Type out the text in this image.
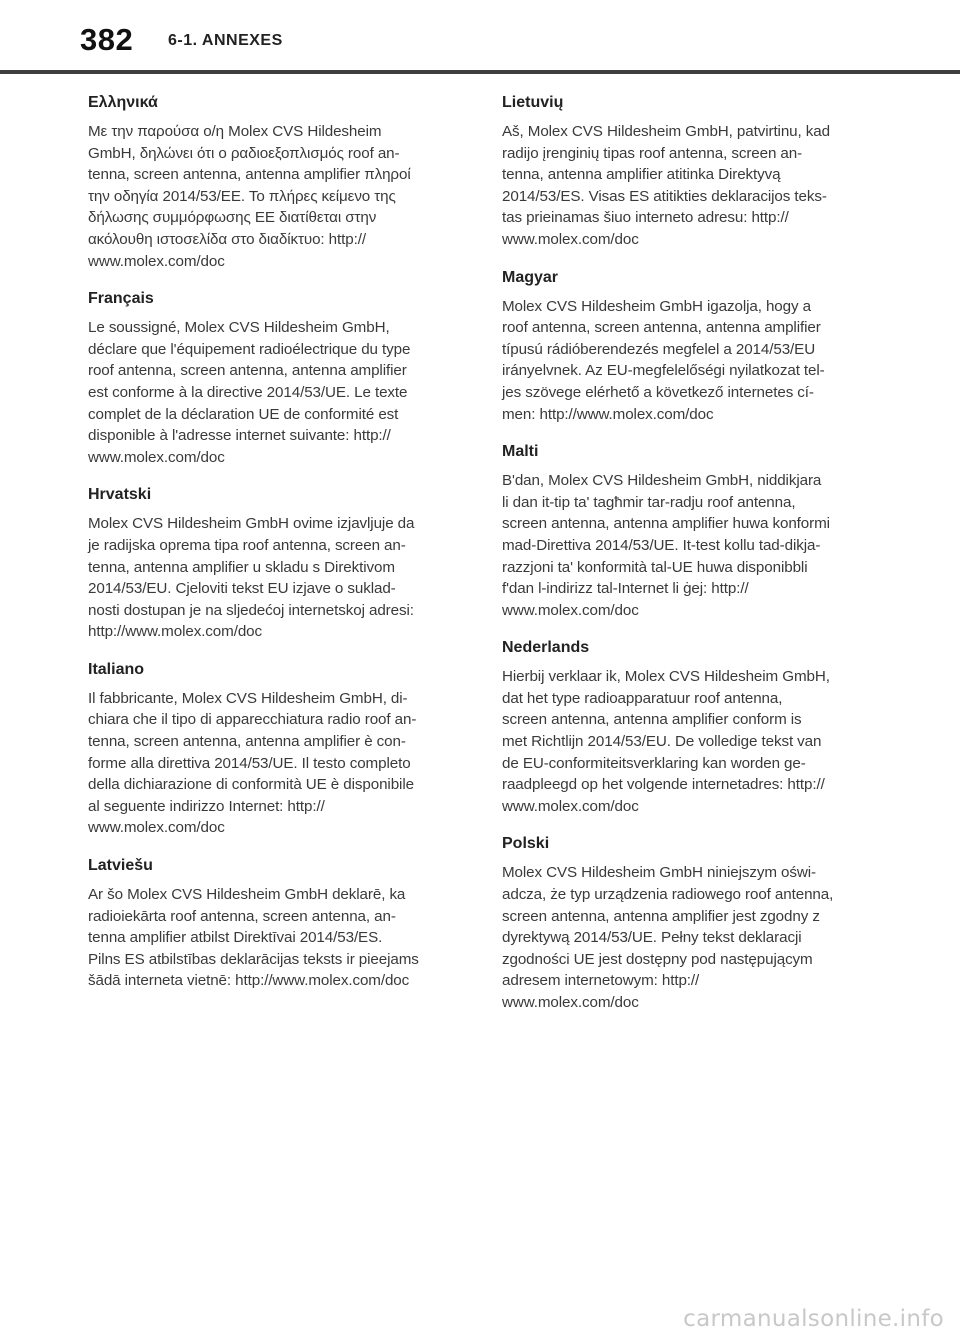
382 6-1. ANNEXES

Ελληνικά

Με την παρούσα ο/η Molex CVS Hildesheim
GmbH, δηλώνει ότι ο ραδιοεξοπλισμός roof an-
tenna, screen antenna, antenna amplifier πληροί
την οδηγία 2014/53/ΕΕ. Το πλήρες κείμενο της
δήλωσης συμμόρφωσης ΕΕ διατίθεται στην
ακόλουθη ιστοσελίδα στο διαδίκτυο: http://
www.molex.com/doc

Français

Le soussigné, Molex CVS Hildesheim GmbH,
déclare que l'équipement radioélectrique du type
roof antenna, screen antenna, antenna amplifier
est conforme à la directive 2014/53/UE. Le texte
complet de la déclaration UE de conformité est
disponible à l'adresse internet suivante: http://
www.molex.com/doc

Hrvatski

Molex CVS Hildesheim GmbH ovime izjavljuje da
je radijska oprema tipa roof antenna, screen an-
tenna, antenna amplifier u skladu s Direktivom
2014/53/EU. Cjeloviti tekst EU izjave o suklad-
nosti dostupan je na sljedećoj internetskoj adresi:
http://www.molex.com/doc

Italiano

Il fabbricante, Molex CVS Hildesheim GmbH, di-
chiara che il tipo di apparecchiatura radio roof an-
tenna, screen antenna, antenna amplifier è con-
forme alla direttiva 2014/53/UE. Il testo completo
della dichiarazione di conformità UE è disponibile
al seguente indirizzo Internet: http://
www.molex.com/doc

Latviešu

Ar šo Molex CVS Hildesheim GmbH deklarē, ka
radioiekārta roof antenna, screen antenna, an-
tenna amplifier atbilst Direktīvai 2014/53/ES.
Pilns ES atbilstības deklarācijas teksts ir pieejams
šādā interneta vietnē: http://www.molex.com/doc

Lietuvių

Aš, Molex CVS Hildesheim GmbH, patvirtinu, kad
radijo įrenginių tipas roof antenna, screen an-
tenna, antenna amplifier atitinka Direktyvą
2014/53/ES. Visas ES atitikties deklaracijos teks-
tas prieinamas šiuo interneto adresu: http://
www.molex.com/doc

Magyar

Molex CVS Hildesheim GmbH igazolja, hogy a
roof antenna, screen antenna, antenna amplifier
típusú rádióberendezés megfelel a 2014/53/EU
irányelvnek. Az EU-megfelelőségi nyilatkozat tel-
jes szövege elérhető a következő internetes cí-
men: http://www.molex.com/doc

Malti

B'dan, Molex CVS Hildesheim GmbH, niddikjara
li dan it-tip ta' tagħmir tar-radju roof antenna,
screen antenna, antenna amplifier huwa konformi
mad-Direttiva 2014/53/UE. It-test kollu tad-dikja-
razzjoni ta' konformità tal-UE huwa disponibbli
f'dan l-indirizz tal-Internet li ġej: http://
www.molex.com/doc

Nederlands

Hierbij verklaar ik, Molex CVS Hildesheim GmbH,
dat het type radioapparatuur roof antenna,
screen antenna, antenna amplifier conform is
met Richtlijn 2014/53/EU. De volledige tekst van
de EU-conformiteitsverklaring kan worden ge-
raadpleegd op het volgende internetadres: http://
www.molex.com/doc

Polski

Molex CVS Hildesheim GmbH niniejszym oświ-
adcza, że typ urządzenia radiowego roof antenna,
screen antenna, antenna amplifier jest zgodny z
dyrektywą 2014/53/UE. Pełny tekst deklaracji
zgodności UE jest dostępny pod następującym
adresem internetowym: http://
www.molex.com/doc

carmanualsonline.info
